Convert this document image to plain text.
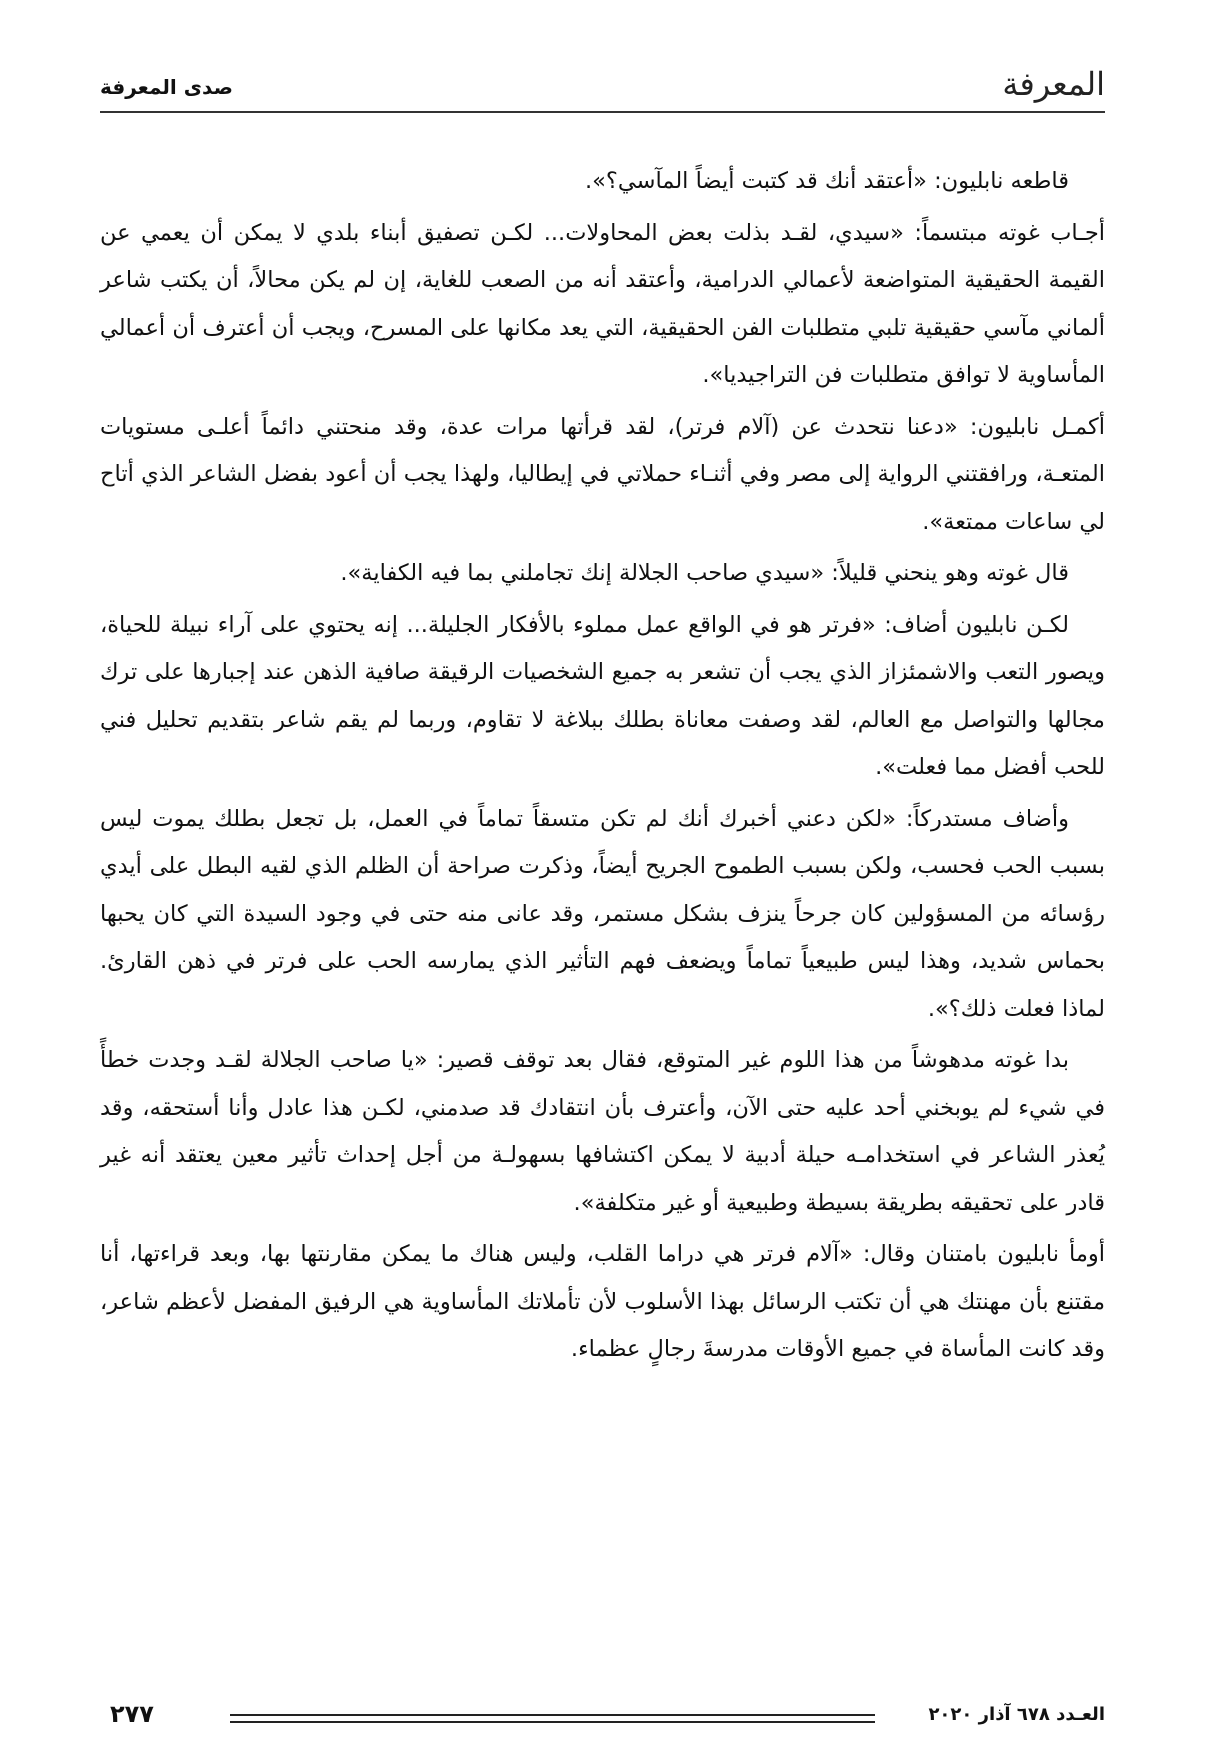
المعرفة
صدى المعرفة

قاطعه نابليون: «أعتقد أنك قد كتبت أيضاً المآسي؟».

أجـاب غوته مبتسماً: «سيدي، لقـد بذلت بعض المحاولات... لكـن تصفيق أبناء بلدي لا يمكن أن يعمي عن القيمة الحقيقية المتواضعة لأعمالي الدرامية، وأعتقد أنه من الصعب للغاية، إن لم يكن محالاً، أن يكتب شاعر ألماني مآسي حقيقية تلبي متطلبات الفن الحقيقية، التي يعد مكانها على المسرح، ويجب أن أعترف أن أعمالي المأساوية لا توافق متطلبات فن التراجيديا».

أكمـل نابليون: «دعنا نتحدث عن (آلام فرتر)، لقد قرأتها مرات عدة، وقد منحتني دائماً أعلـى مستويات المتعـة، ورافقتني الرواية إلى مصر وفي أثنـاء حملاتي في إيطاليا، ولهذا يجب أن أعود بفضل الشاعر الذي أتاح لي ساعات ممتعة».

قال غوته وهو ينحني قليلاً: «سيدي صاحب الجلالة إنك تجاملني بما فيه الكفاية».

لكـن نابليون أضاف: «فرتر هو في الواقع عمل مملوء بالأفكار الجليلة... إنه يحتوي على آراء نبيلة للحياة، ويصور التعب والاشمئزاز الذي يجب أن تشعر به جميع الشخصيات الرقيقة صافية الذهن عند إجبارها على ترك مجالها والتواصل مع العالم، لقد وصفت معاناة بطلك ببلاغة لا تقاوم، وربما لم يقم شاعر بتقديم تحليل فني للحب أفضل مما فعلت».

وأضاف مستدركاً: «لكن دعني أخبرك أنك لم تكن متسقاً تماماً في العمل، بل تجعل بطلك يموت ليس بسبب الحب فحسب، ولكن بسبب الطموح الجريح أيضاً، وذكرت صراحة أن الظلم الذي لقيه البطل على أيدي رؤسائه من المسؤولين كان جرحاً ينزف بشكل مستمر، وقد عانى منه حتى في وجود السيدة التي كان يحبها بحماس شديد، وهذا ليس طبيعياً تماماً ويضعف فهم التأثير الذي يمارسه الحب على فرتر في ذهن القارئ. لماذا فعلت ذلك؟».

بدا غوته مدهوشاً من هذا اللوم غير المتوقع، فقال بعد توقف قصير: «يا صاحب الجلالة لقـد وجدت خطأً في شيء لم يوبخني أحد عليه حتى الآن، وأعترف بأن انتقادك قد صدمني، لكـن هذا عادل وأنا أستحقه، وقد يُعذر الشاعر في استخدامـه حيلة أدبية لا يمكن اكتشافها بسهولـة من أجل إحداث تأثير معين يعتقد أنه غير قادر على تحقيقه بطريقة بسيطة وطبيعية أو غير متكلفة».

أومأ نابليون بامتنان وقال: «آلام فرتر هي دراما القلب، وليس هناك ما يمكن مقارنتها بها، وبعد قراءتها، أنا مقتنع بأن مهنتك هي أن تكتب الرسائل بهذا الأسلوب لأن تأملاتك المأساوية هي الرفيق المفضل لأعظم شاعر، وقد كانت المأساة في جميع الأوقات مدرسةَ رجالٍ عظماء.

٢٧٧	العـدد ٦٧٨ آذار ٢٠٢٠
